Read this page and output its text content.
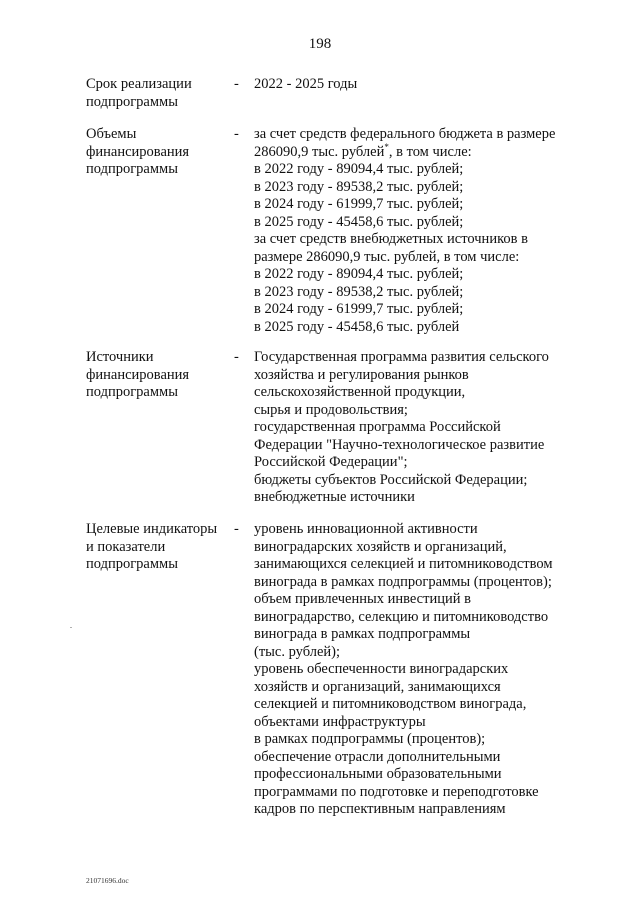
198
Срок реализации
подпрограммы
- 2022 - 2025 годы
Объемы
финансирования
подпрограммы
- за счет средств федерального бюджета в размере
286090,9 тыс. рублей*, в том числе:
в 2022 году - 89094,4 тыс. рублей;
в 2023 году - 89538,2 тыс. рублей;
в 2024 году - 61999,7 тыс. рублей;
в 2025 году - 45458,6 тыс. рублей;
за счет средств внебюджетных источников в
размере 286090,9 тыс. рублей, в том числе:
в 2022 году - 89094,4 тыс. рублей;
в 2023 году - 89538,2 тыс. рублей;
в 2024 году - 61999,7 тыс. рублей;
в 2025 году - 45458,6 тыс. рублей
Источники
финансирования
подпрограммы
- Государственная программа развития сельского
хозяйства и регулирования рынков
сельскохозяйственной продукции,
сырья и продовольствия;
государственная программа Российской
Федерации "Научно-технологическое развитие
Российской Федерации";
бюджеты субъектов Российской Федерации;
внебюджетные источники
Целевые индикаторы
и показатели
подпрограммы
- уровень инновационной активности
виноградарских хозяйств и организаций,
занимающихся селекцией и питомниководством
винограда в рамках подпрограммы (процентов);
объем привлеченных инвестиций в
виноградарство, селекцию и питомниководство
винограда в рамках подпрограммы
(тыс. рублей);
уровень обеспеченности виноградарских
хозяйств и организаций, занимающихся
селекцией и питомниководством винограда,
объектами инфраструктуры
в рамках подпрограммы (процентов);
обеспечение отрасли дополнительными
профессиональными образовательными
программами по подготовке и переподготовке
кадров по перспективным направлениям
21071696.doc
